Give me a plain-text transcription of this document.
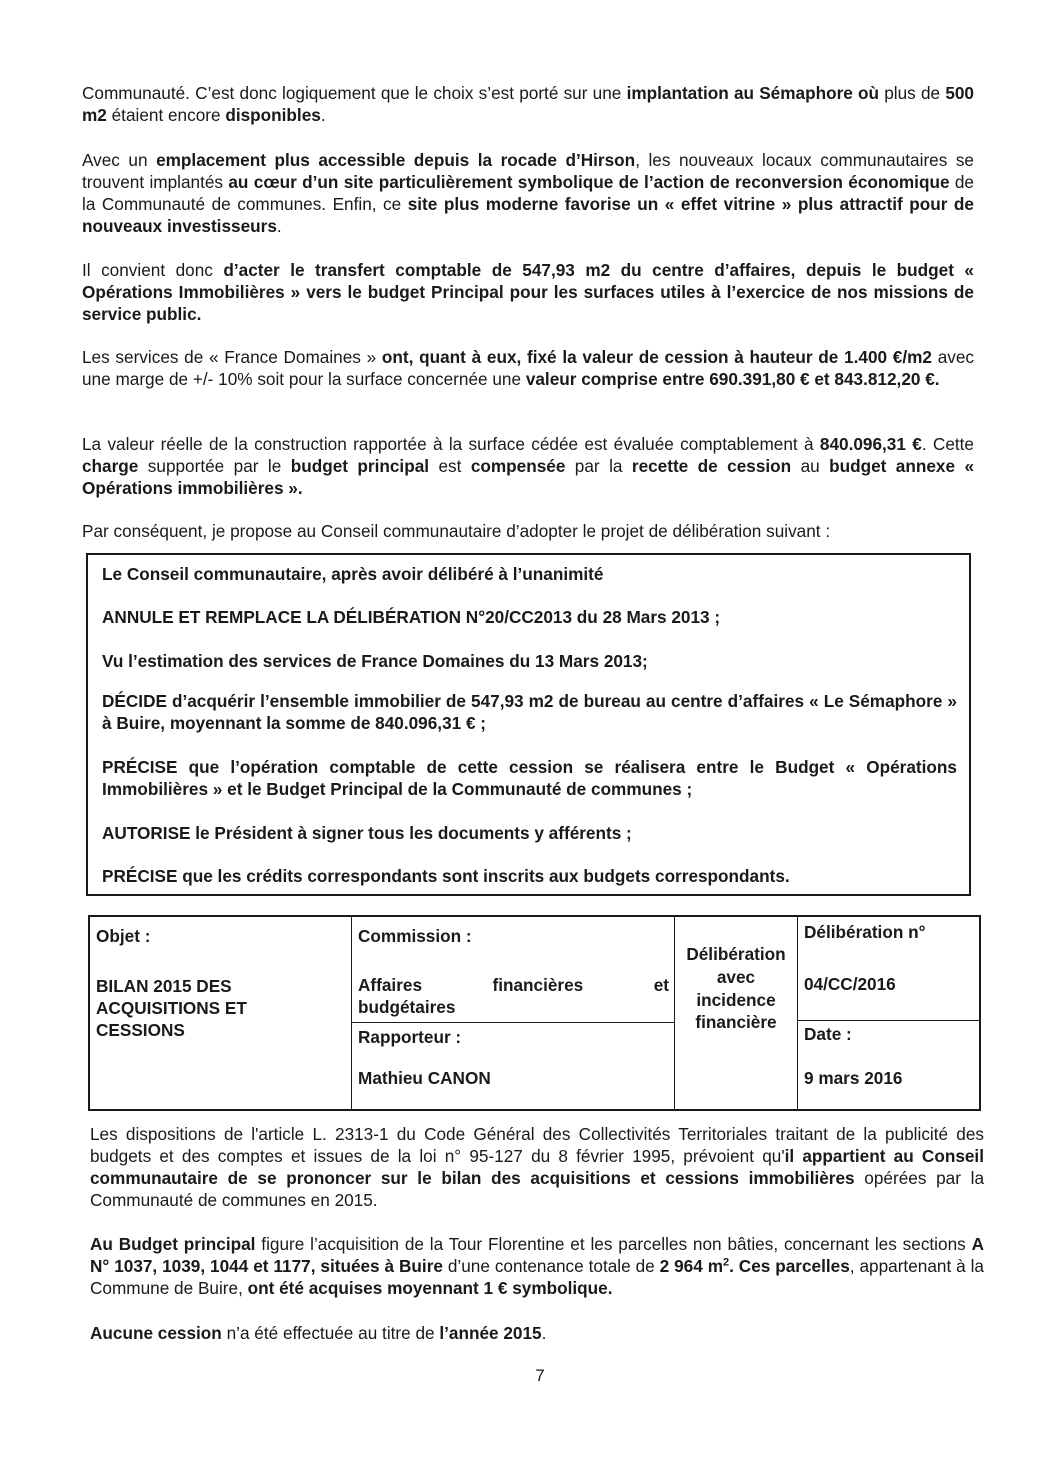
Communauté. C’est donc logiquement que le choix s’est porté sur une implantation au Sémaphore où plus de 500 m2 étaient encore disponibles.

Avec un emplacement plus accessible depuis la rocade d’Hirson, les nouveaux locaux communautaires se trouvent implantés au cœur d’un site particulièrement symbolique de l’action de reconversion économique de la Communauté de communes. Enfin, ce site plus moderne favorise un « effet vitrine » plus attractif pour de nouveaux investisseurs.

Il convient donc d’acter le transfert comptable de 547,93 m2 du centre d’affaires, depuis le budget « Opérations Immobilières » vers le budget Principal pour les surfaces utiles à l’exercice de nos missions de service public.

Les services de « France Domaines » ont, quant à eux, fixé la valeur de cession à hauteur de 1.400 €/m2 avec une marge de +/- 10% soit pour la surface concernée une valeur comprise entre 690.391,80 € et 843.812,20 €.

La valeur réelle de la construction rapportée à la surface cédée est évaluée comptablement à 840.096,31 €. Cette charge supportée par le budget principal est compensée par la recette de cession au budget annexe « Opérations immobilières ».

Par conséquent, je propose au Conseil communautaire d’adopter le projet de délibération suivant :

Le Conseil communautaire, après avoir délibéré à l’unanimité

ANNULE ET REMPLACE LA DÉLIBÉRATION N°20/CC2013 du 28 Mars 2013 ;

Vu l’estimation des services de France Domaines du 13 Mars 2013;

DÉCIDE d’acquérir l’ensemble immobilier de 547,93 m2 de bureau au centre d’affaires « Le Sémaphore » à Buire, moyennant la somme de 840.096,31 € ;

PRÉCISE que l’opération comptable de cette cession se réalisera entre le Budget « Opérations Immobilières » et le Budget Principal de la Communauté de communes ;

AUTORISE le Président à signer tous les documents y afférents ;

PRÉCISE que les crédits correspondants sont inscrits aux budgets correspondants.

Objet :

BILAN 2015 DES

ACQUISITIONS ET

CESSIONS

Commission :

Affaires financières et

budgétaires

Rapporteur :

Mathieu CANON

Délibération

avec

incidence

financière

Délibération n°

04/CC/2016

Date :

9 mars 2016

Les dispositions de l'article L. 2313-1 du Code Général des Collectivités Territoriales traitant de la publicité des budgets et des comptes et issues de la loi n° 95-127 du 8 février 1995, prévoient qu'il appartient au Conseil communautaire de se prononcer sur le bilan des acquisitions et cessions immobilières opérées par la Communauté de communes en 2015.

Au Budget principal figure l’acquisition de la Tour Florentine et les parcelles non bâties, concernant les sections A N° 1037, 1039, 1044 et 1177, situées à Buire d’une contenance totale de 2 964 $m^2$. Ces parcelles, appartenant à la Commune de Buire, ont été acquises moyennant 1 € symbolique.

Aucune cession n’a été effectuée au titre de l’année 2015.

7
